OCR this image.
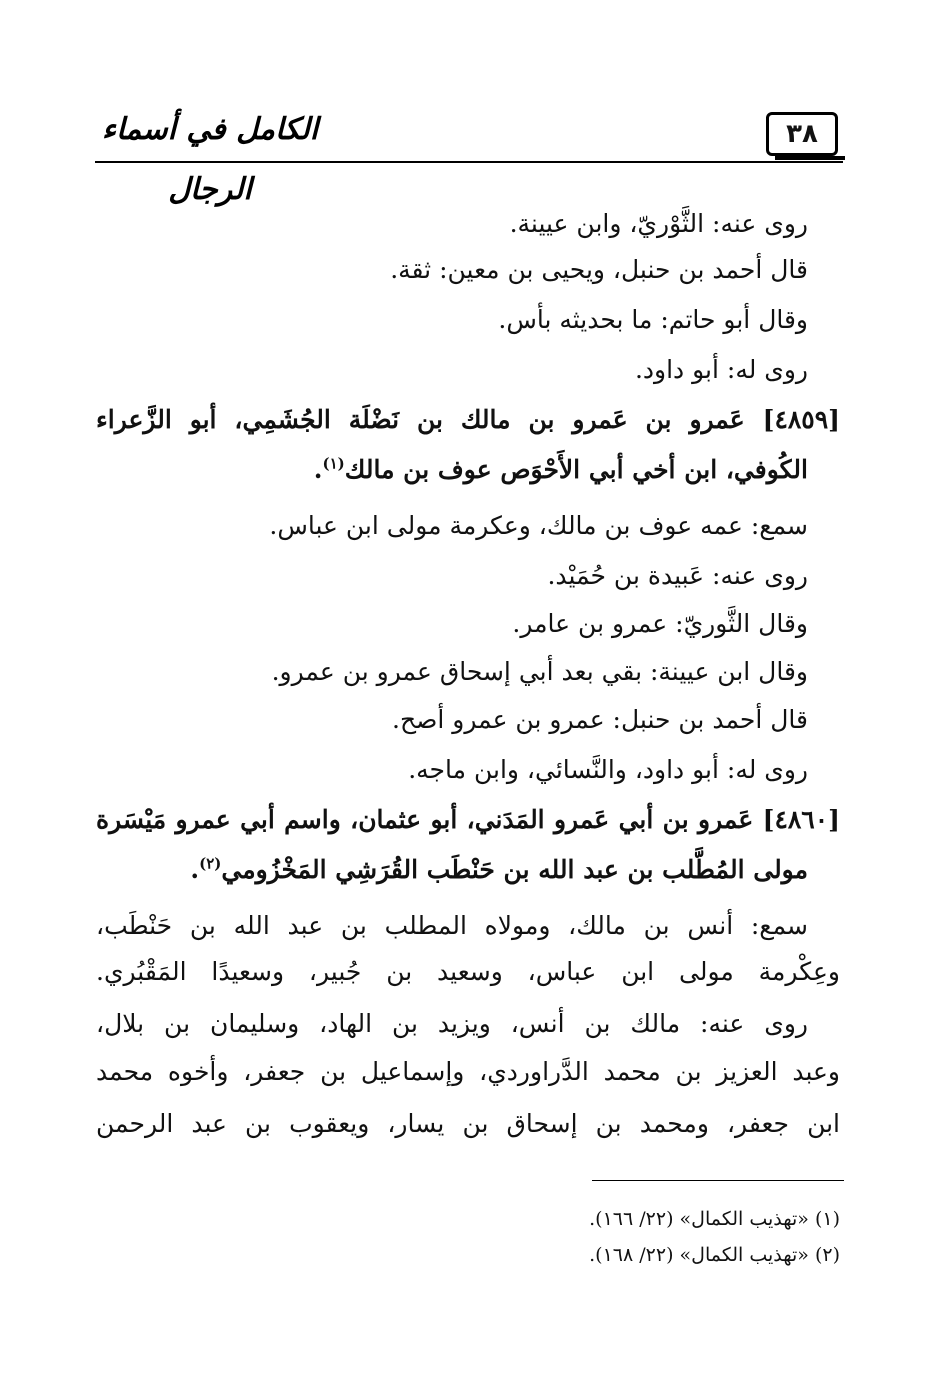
الكامل في أسماء الرجال
٣٨
روى عنه: الثَّوْريّ، وابن عيينة.
قال أحمد بن حنبل، ويحيى بن معين: ثقة.
وقال أبو حاتم: ما بحديثه بأس.
روى له: أبو داود.
[٤٨٥٩] عَمرو بن عَمرو بن مالك بن نَضْلَة الجُشَمِي، أبو الزَّعراء
الكُوفي، ابن أخي أبي الأَحْوَص عوف بن مالك$^{(١)}$.
سمع: عمه عوف بن مالك، وعكرمة مولى ابن عباس.
روى عنه: عَبيدة بن حُمَيْد.
وقال الثَّوريّ: عمرو بن عامر.
وقال ابن عيينة: بقي بعد أبي إسحاق عمرو بن عمرو.
قال أحمد بن حنبل: عمرو بن عمرو أصح.
روى له: أبو داود، والنَّسائي، وابن ماجه.
[٤٨٦٠] عَمرو بن أبي عَمرو المَدَني، أبو عثمان، واسم أبي عمرو مَيْسَرة
مولى المُطَّلب بن عبد الله بن حَنْطَب القُرَشِي المَخْزُومي$^{(٢)}$.
سمع: أنس بن مالك، ومولاه المطلب بن عبد الله بن حَنْطَب،
وعِكْرمة مولى ابن عباس، وسعيد بن جُبير، وسعيدًا المَقْبُري.
روى عنه: مالك بن أنس، ويزيد بن الهاد، وسليمان بن بلال،
وعبد العزيز بن محمد الدَّراوردي، وإسماعيل بن جعفر، وأخوه محمد
ابن جعفر، ومحمد بن إسحاق بن يسار، ويعقوب بن عبد الرحمن
(١) «تهذيب الكمال» (٢٢/ ١٦٦).
(٢) «تهذيب الكمال» (٢٢/ ١٦٨).
